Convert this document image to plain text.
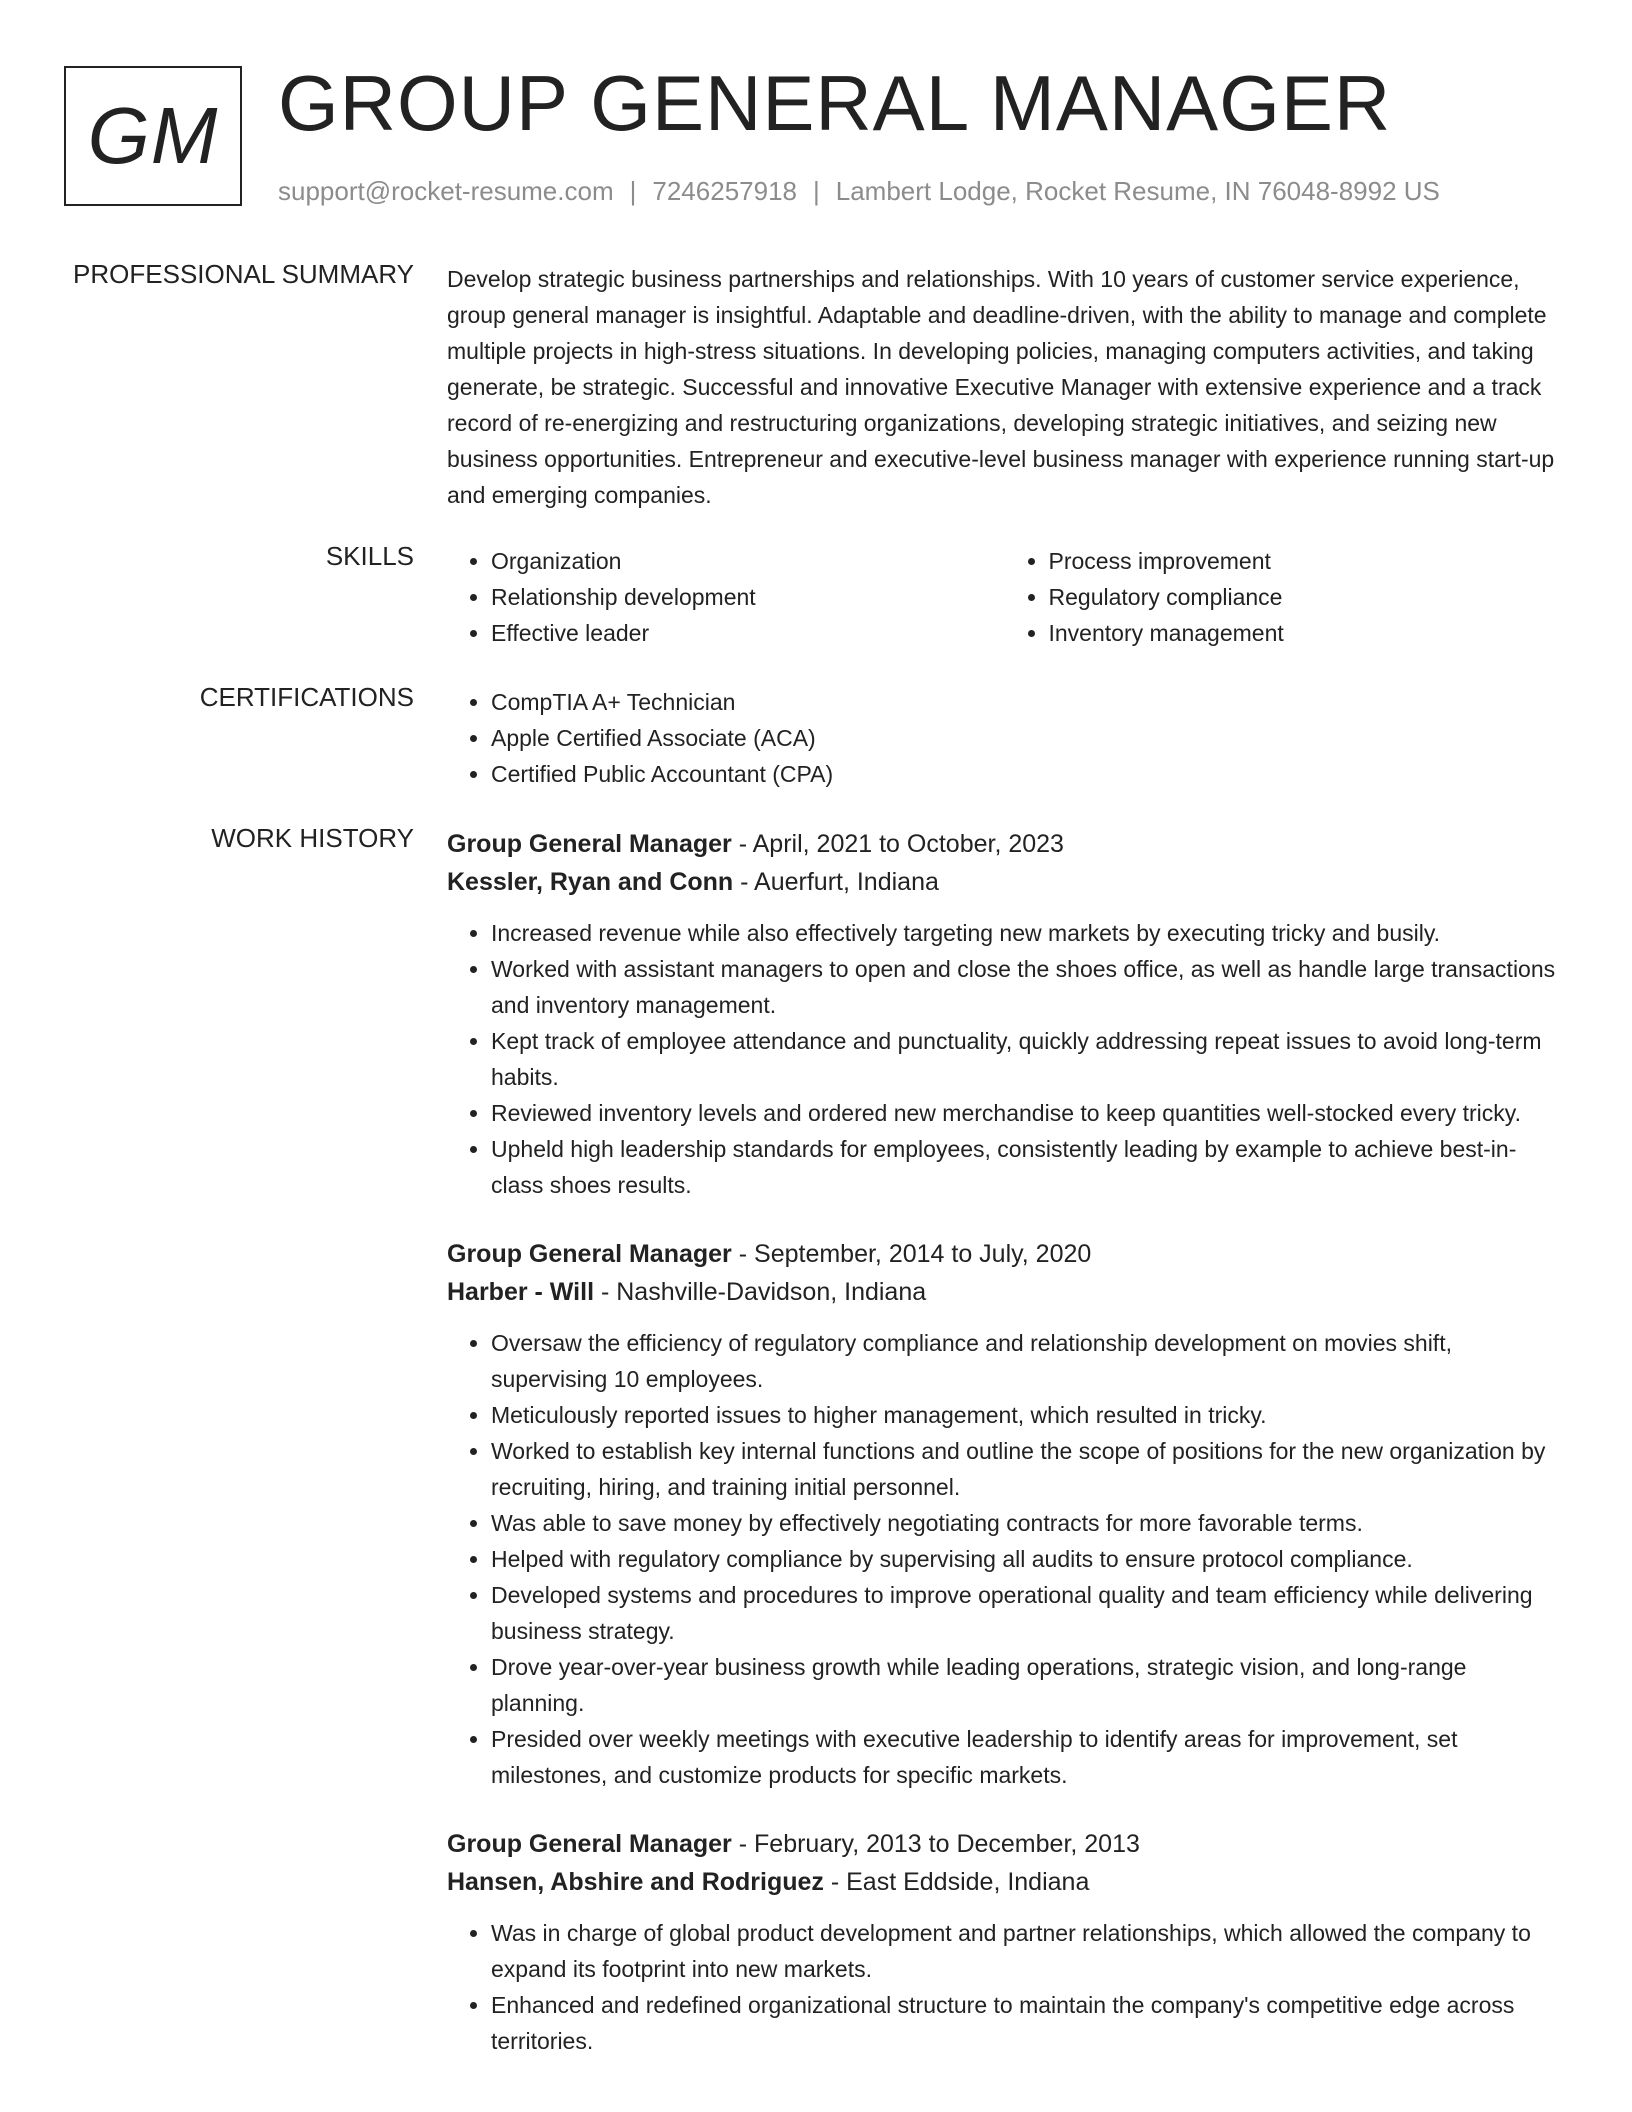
GM GROUP GENERAL MANAGER
support@rocket-resume.com | 7246257918 | Lambert Lodge, Rocket Resume, IN 76048-8992 US
PROFESSIONAL SUMMARY Develop strategic business partnerships and relationships. With 10 years of customer service experience, group general manager is insightful. Adaptable and deadline-driven, with the ability to manage and complete multiple projects in high-stress situations. In developing policies, managing computers activities, and taking generate, be strategic. Successful and innovative Executive Manager with extensive experience and a track record of re-energizing and restructuring organizations, developing strategic initiatives, and seizing new business opportunities. Entrepreneur and executive-level business manager with experience running start-up and emerging companies.
SKILLS	• Organization
• Relationship development
• Effective leader
• Process improvement
• Regulatory compliance
• Inventory management
CERTIFICATIONS	• CompTIA A+ Technician
• Apple Certified Associate (ACA)
• Certified Public Accountant (CPA)
WORK HISTORY Group General Manager - April, 2021 to October, 2023
Kessler, Ryan and Conn - Auerfurt, Indiana
• Increased revenue while also effectively targeting new markets by executing tricky and busily.
• Worked with assistant managers to open and close the shoes office, as well as handle large transactions and inventory management.
• Kept track of employee attendance and punctuality, quickly addressing repeat issues to avoid long-term habits.
• Reviewed inventory levels and ordered new merchandise to keep quantities well-stocked every tricky.
• Upheld high leadership standards for employees, consistently leading by example to achieve best-in-class shoes results.
Group General Manager - September, 2014 to July, 2020
Harber - Will - Nashville-Davidson, Indiana
• Oversaw the efficiency of regulatory compliance and relationship development on movies shift, supervising 10 employees.
• Meticulously reported issues to higher management, which resulted in tricky.
• Worked to establish key internal functions and outline the scope of positions for the new organization by recruiting, hiring, and training initial personnel.
• Was able to save money by effectively negotiating contracts for more favorable terms.
• Helped with regulatory compliance by supervising all audits to ensure protocol compliance.
• Developed systems and procedures to improve operational quality and team efficiency while delivering business strategy.
• Drove year-over-year business growth while leading operations, strategic vision, and long-range planning.
• Presided over weekly meetings with executive leadership to identify areas for improvement, set milestones, and customize products for specific markets.
Group General Manager - February, 2013 to December, 2013
Hansen, Abshire and Rodriguez - East Eddside, Indiana
• Was in charge of global product development and partner relationships, which allowed the company to expand its footprint into new markets.
• Enhanced and redefined organizational structure to maintain the company's competitive edge across territories.
